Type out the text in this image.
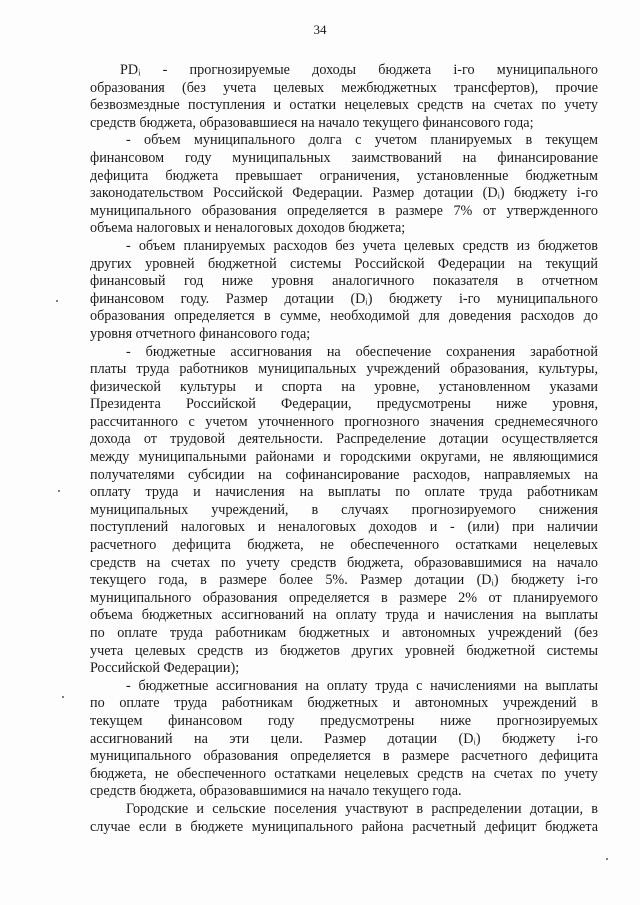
34
PDᵢ - прогнозируемые доходы бюджета i-го муниципального
образования (без учета целевых межбюджетных трансфертов), прочие
безвозмездные поступления и остатки нецелевых средств на счетах по учету
средств бюджета, образовавшиеся на начало текущего финансового года;
- объем муниципального долга с учетом планируемых в текущем
финансовом году муниципальных заимствований на финансирование
дефицита бюджета превышает ограничения, установленные бюджетным
законодательством Российской Федерации. Размер дотации (Dᵢ) бюджету i-го
муниципального образования определяется в размере 7% от утвержденного
объема налоговых и неналоговых доходов бюджета;
- объем планируемых расходов без учета целевых средств из бюджетов
других уровней бюджетной системы Российской Федерации на текущий
финансовый год ниже уровня аналогичного показателя в отчетном
финансовом году. Размер дотации (Dᵢ) бюджету i-го муниципального
образования определяется в сумме, необходимой для доведения расходов до
уровня отчетного финансового года;
- бюджетные ассигнования на обеспечение сохранения заработной
платы труда работников муниципальных учреждений образования, культуры,
физической культуры и спорта на уровне, установленном указами
Президента Российской Федерации, предусмотрены ниже уровня,
рассчитанного с учетом уточненного прогнозного значения среднемесячного
дохода от трудовой деятельности. Распределение дотации осуществляется
между муниципальными районами и городскими округами, не являющимися
получателями субсидии на софинансирование расходов, направляемых на
оплату труда и начисления на выплаты по оплате труда работникам
муниципальных учреждений, в случаях прогнозируемого снижения
поступлений налоговых и неналоговых доходов и - (или) при наличии
расчетного дефицита бюджета, не обеспеченного остатками нецелевых
средств на счетах по учету средств бюджета, образовавшимися на начало
текущего года, в размере более 5%. Размер дотации (Dᵢ) бюджету i-го
муниципального образования определяется в размере 2% от планируемого
объема бюджетных ассигнований на оплату труда и начисления на выплаты
по оплате труда работникам бюджетных и автономных учреждений (без
учета целевых средств из бюджетов других уровней бюджетной системы
Российской Федерации);
- бюджетные ассигнования на оплату труда с начислениями на выплаты
по оплате труда работникам бюджетных и автономных учреждений в
текущем финансовом году предусмотрены ниже прогнозируемых
ассигнований на эти цели. Размер дотации (Dᵢ) бюджету i-го
муниципального образования определяется в размере расчетного дефицита
бюджета, не обеспеченного остатками нецелевых средств на счетах по учету
средств бюджета, образовавшимися на начало текущего года.
Городские и сельские поселения участвуют в распределении дотации, в
случае если в бюджете муниципального района расчетный дефицит бюджета
